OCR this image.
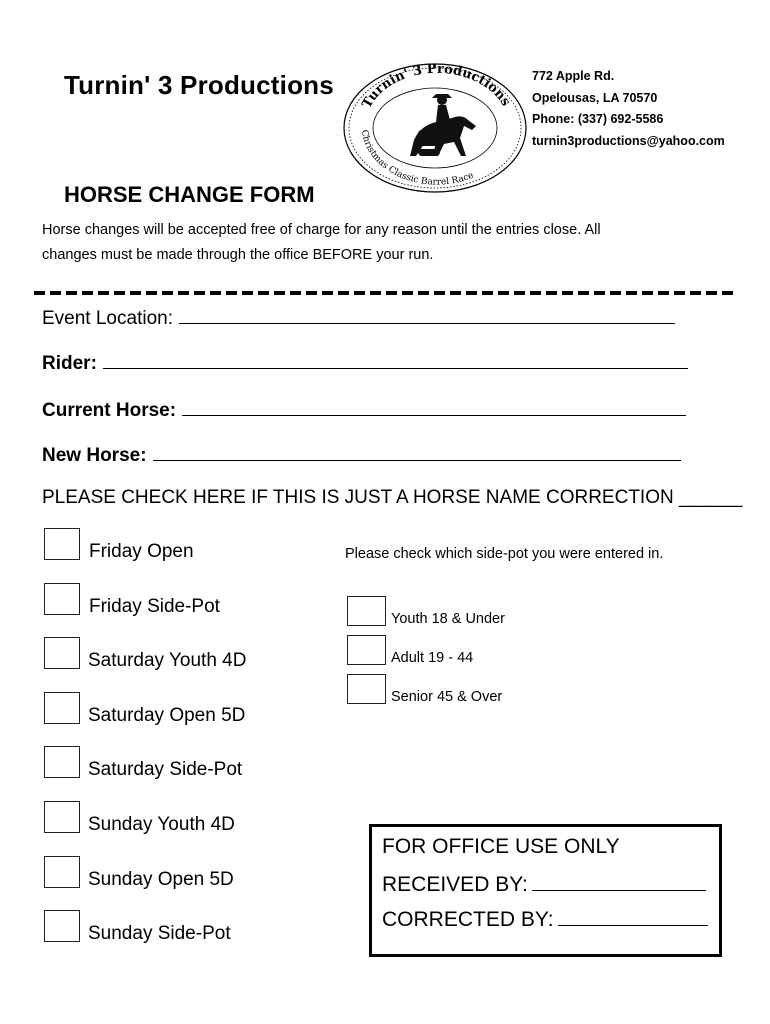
Turnin' 3 Productions
Turnin' 3 Productions
Christmas Classic Barrel Race
772 Apple Rd.
Opelousas, LA 70570
Phone: (337) 692-5586
turnin3productions@yahoo.com
HORSE CHANGE FORM
Horse changes will be accepted free of charge for any reason until the entries close. All
changes must be made through the office BEFORE your run.
Event Location:
Rider:
Current Horse:
New Horse:
PLEASE CHECK HERE IF THIS IS JUST A HORSE NAME CORRECTION ______
Friday Open
Friday Side-Pot
Saturday Youth 4D
Saturday Open 5D
Saturday Side-Pot
Sunday Youth 4D
Sunday Open 5D
Sunday Side-Pot
Please check which side-pot you were entered in.
Youth 18 & Under
Adult 19 - 44
Senior 45 & Over
FOR OFFICE USE ONLY
RECEIVED BY:
CORRECTED BY:
